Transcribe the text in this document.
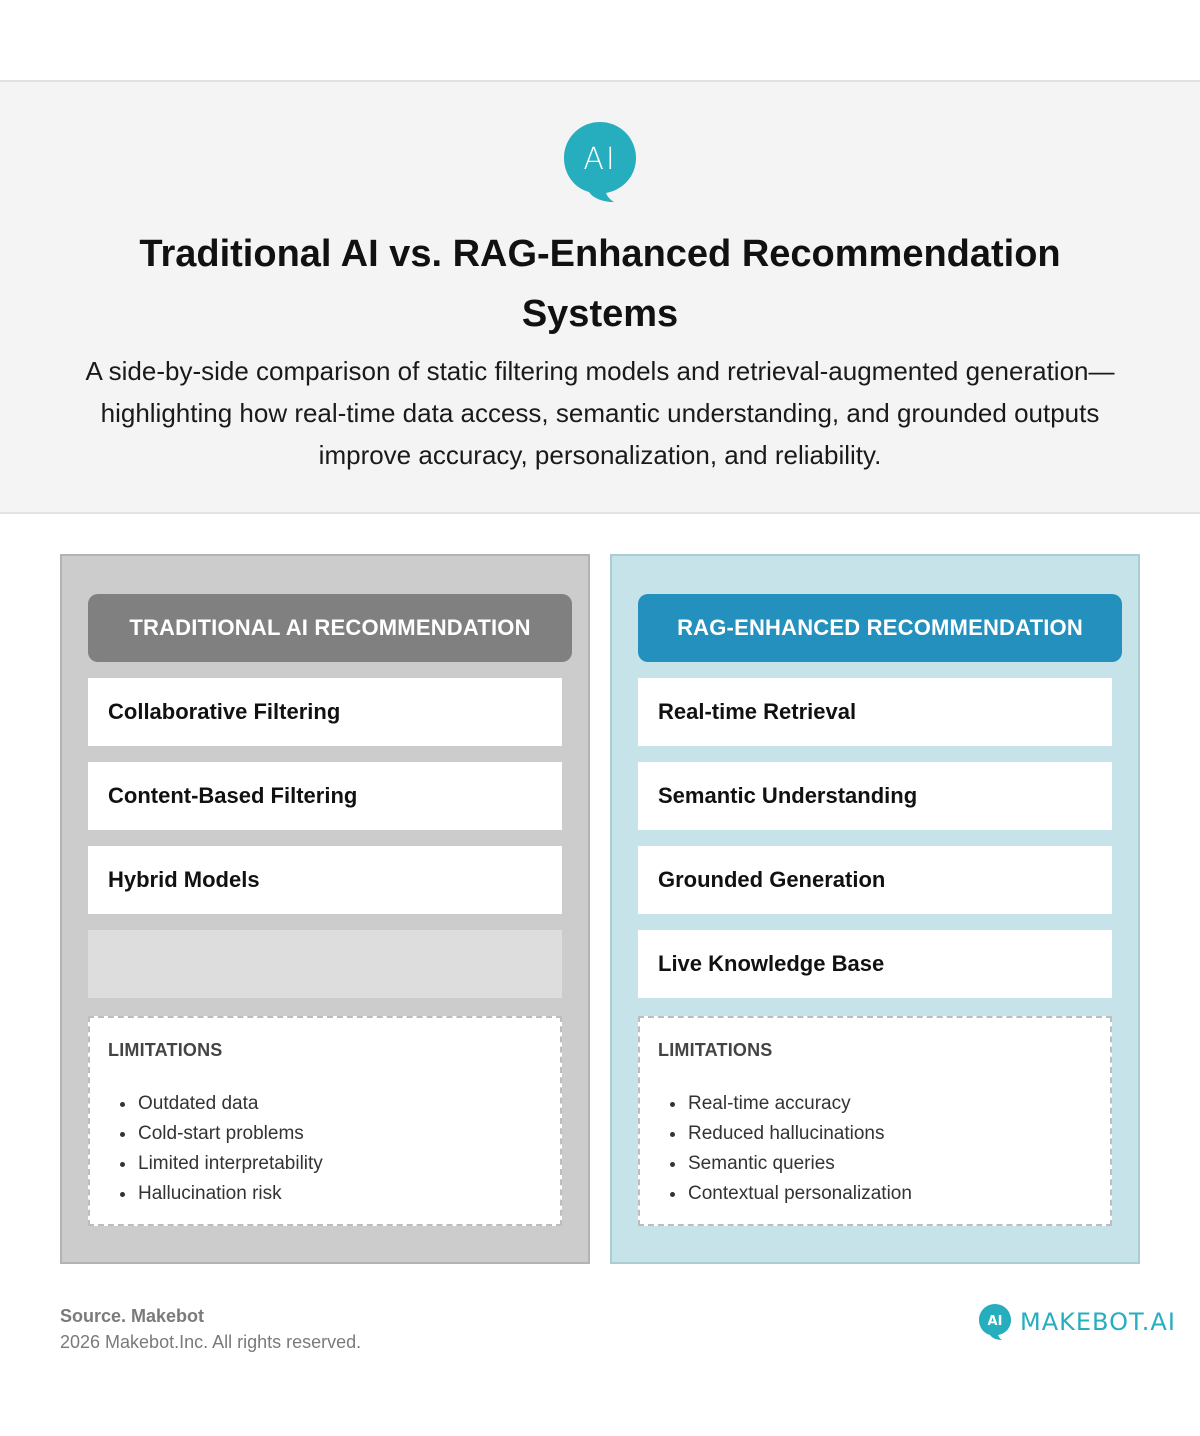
AI
Traditional AI vs. RAG-Enhanced Recommendation Systems
A side-by-side comparison of static filtering models and retrieval-augmented generation—highlighting how real-time data access, semantic understanding, and grounded outputs improve accuracy, personalization, and reliability.
TRADITIONAL AI RECOMMENDATION
Collaborative Filtering
Content-Based Filtering
Hybrid Models
LIMITATIONS
Outdated data
Cold-start problems
Limited interpretability
Hallucination risk
RAG-ENHANCED RECOMMENDATION
Real-time Retrieval
Semantic Understanding
Grounded Generation
Live Knowledge Base
LIMITATIONS
Real-time accuracy
Reduced hallucinations
Semantic queries
Contextual personalization
Source. Makebot
2026 Makebot.Inc. All rights reserved.
AI MAKEBOT.AI
